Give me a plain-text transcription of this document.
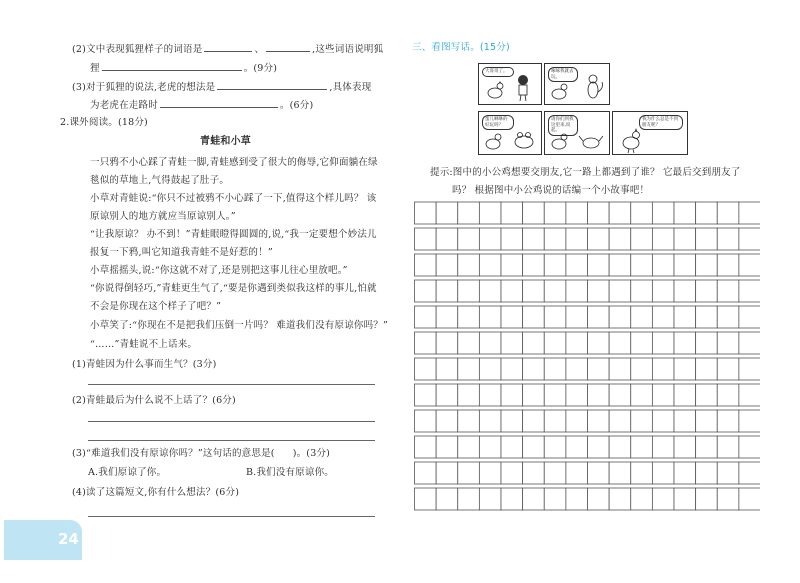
(2)文中表现狐狸样子的词语是	、	,这些词语说明狐
狸	。(9分)
(3)对于狐狸的说法,老虎的想法是	,具体表现
为老虎在走路时	。(6分)
2.课外阅读。(18分)
青蛙和小草
一只鸦不小心踩了青蛙一脚,青蛙感到受了很大的侮辱,它仰面躺在绿
毯似的草地上,气得鼓起了肚子。
小草对青蛙说:“你只不过被鸦不小心踩了一下,值得这个样儿吗？ 该
原谅别人的地方就应当原谅别人。”
“让我原谅？ 办不到！”青蛙眼瞪得圆圆的,说,“我一定要想个妙法儿
报复一下鸦,叫它知道我青蛙不是好惹的！”
小草摇摇头,说:“你这就不对了,还是别把这事儿往心里放吧。”
“你说得倒轻巧,”青蛙更生气了,“要是你遇到类似我这样的事儿,怕就
不会是你现在这个样子了吧？”
小草笑了:“你现在不是把我们压倒一片吗？ 难道我们没有原谅你吗？”
“……”青蛙说不上话来。
(1)青蛙因为什么事而生气？(3分)
(2)青蛙最后为什么说不上话了？(6分)
(3)“难道我们没有原谅你吗？”这句话的意思是( )。(3分)
A.我们原谅了你。	B.我们没有原谅你。
(4)读了这篇短文,你有什么想法？(6分)
24
三、看图写话。(15分)
大哥哥了。	啄啄我就去玩。
蛋儿咻咻的好玩吗？
请你们到我这里来,说起。
我为什么总是不到朋友呢？
提示:图中的小公鸡想要交朋友,它一路上都遇到了谁？ 它最后交到朋友了
吗？ 根据图中小公鸡说的话编一个小故事吧！
